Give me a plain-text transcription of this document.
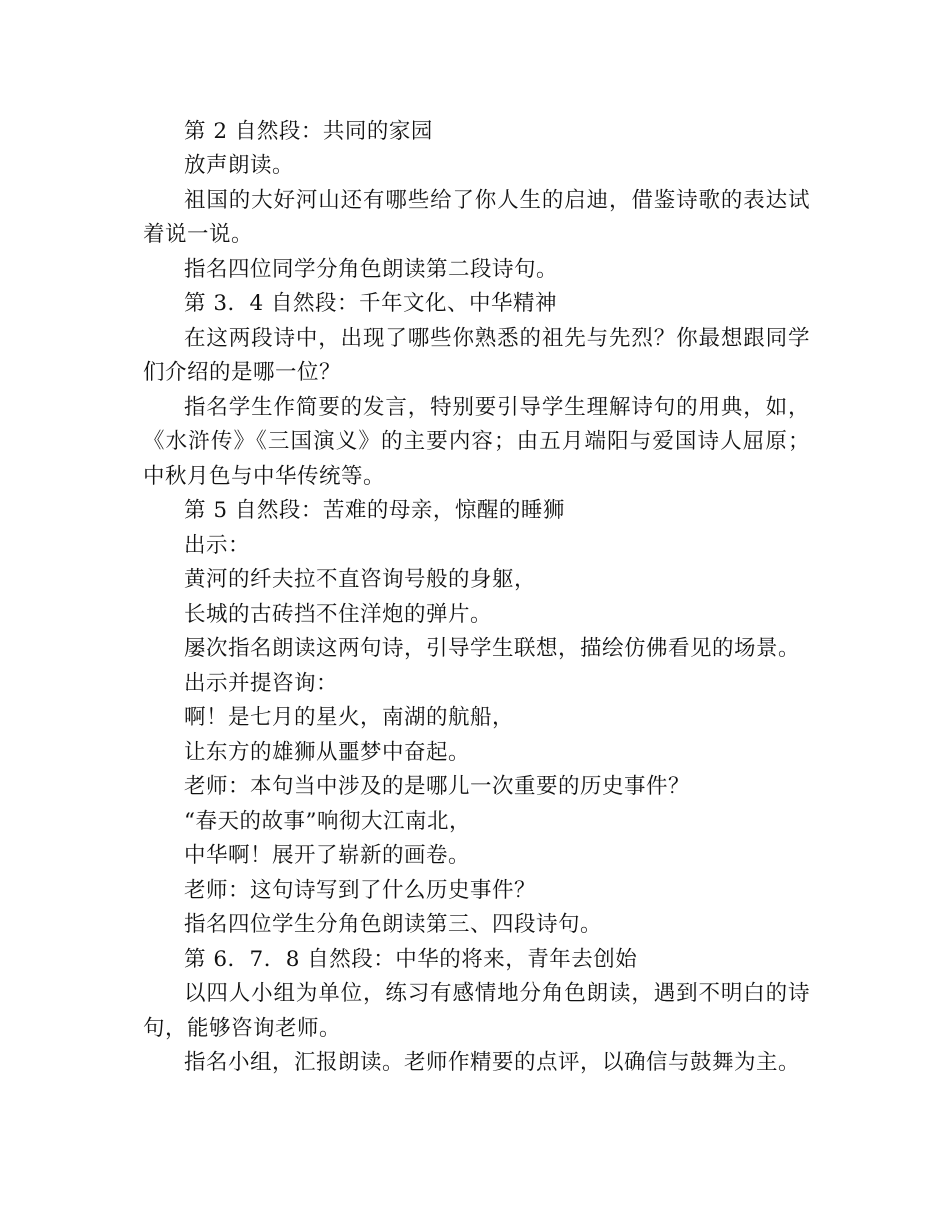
第 2 自然段：共同的家园
放声朗读。
祖国的大好河山还有哪些给了你人生的启迪，借鉴诗歌的表达试
着说一说。
指名四位同学分角色朗读第二段诗句。
第 3．4 自然段：千年文化、中华精神
在这两段诗中，出现了哪些你熟悉的祖先与先烈？你最想跟同学
们介绍的是哪一位？
指名学生作简要的发言，特别要引导学生理解诗句的用典，如，
《水浒传》《三国演义》的主要内容；由五月端阳与爱国诗人屈原；
中秋月色与中华传统等。
第 5 自然段：苦难的母亲，惊醒的睡狮
出示：
黄河的纤夫拉不直咨询号般的身躯，
长城的古砖挡不住洋炮的弹片。
屡次指名朗读这两句诗，引导学生联想，描绘仿佛看见的场景。
出示并提咨询：
啊！是七月的星火，南湖的航船，
让东方的雄狮从噩梦中奋起。
老师：本句当中涉及的是哪儿一次重要的历史事件？
“春天的故事”响彻大江南北，
中华啊！展开了崭新的画卷。
老师：这句诗写到了什么历史事件？
指名四位学生分角色朗读第三、四段诗句。
第 6．7．8 自然段：中华的将来，青年去创始
以四人小组为单位，练习有感情地分角色朗读，遇到不明白的诗
句，能够咨询老师。
指名小组，汇报朗读。老师作精要的点评，以确信与鼓舞为主。
